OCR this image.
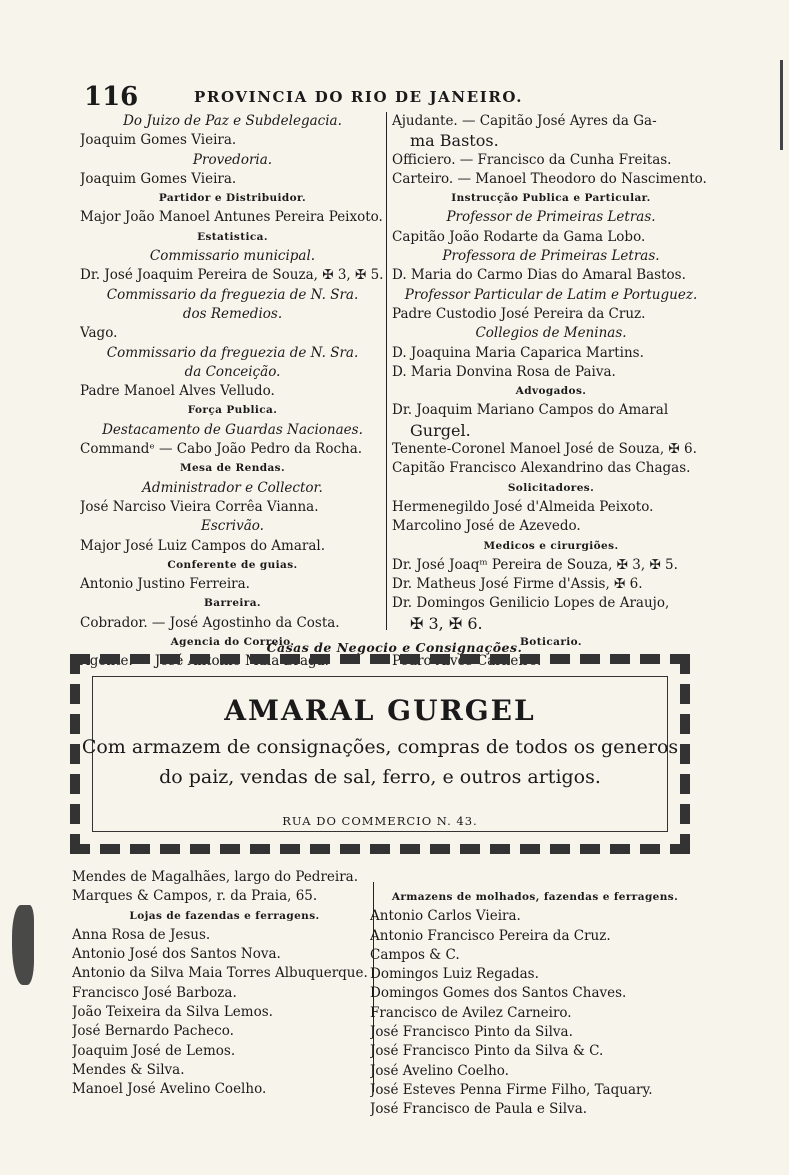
116	PROVINCIA DO RIO DE JANEIRO.
Do Juizo de Paz e Subdelegacia.
Joaquim Gomes Vieira.
Provedoria.
Joaquim Gomes Vieira.
Partidor e Distribuidor.
Major João Manoel Antunes Pereira Peixoto.
Estatistica.
Commissario municipal.
Dr. José Joaquim Pereira de Souza, ✠ 3, ✠ 5.
Commissario da freguezia de N. Sra.
dos Remedios.
Vago.
Commissario da freguezia de N. Sra.
da Conceição.
Padre Manoel Alves Velludo.
Força Publica.
Destacamento de Guardas Nacionaes.
Commandᵉ — Cabo João Pedro da Rocha.
Mesa de Rendas.
Administrador e Collector.
José Narciso Vieira Corrêa Vianna.
Escrivão.
Major José Luiz Campos do Amaral.
Conferente de guias.
Antonio Justino Ferreira.
Barreira.
Cobrador. — José Agostinho da Costa.
Agencia do Correio.
Agente. — José Antonio Maia Braga.
Ajudante. — Capitão José Ayres da Ga-
ma Bastos.
Officiero. — Francisco da Cunha Freitas.
Carteiro. — Manoel Theodoro do Nascimento.
Instrucção Publica e Particular.
Professor de Primeiras Letras.
Capitão João Rodarte da Gama Lobo.
Professora de Primeiras Letras.
D. Maria do Carmo Dias do Amaral Bastos.
Professor Particular de Latim e Portuguez.
Padre Custodio José Pereira da Cruz.
Collegios de Meninas.
D. Joaquina Maria Caparica Martins.
D. Maria Donvina Rosa de Paiva.
Advogados.
Dr. Joaquim Mariano Campos do Amaral
Gurgel.
Tenente-Coronel Manoel José de Souza, ✠ 6.
Capitão Francisco Alexandrino das Chagas.
Solicitadores.
Hermenegildo José d'Almeida Peixoto.
Marcolino José de Azevedo.
Medicos e cirurgiões.
Dr. José Joaqᵐ Pereira de Souza, ✠ 3, ✠ 5.
Dr. Matheus José Firme d'Assis, ✠ 6.
Dr. Domingos Genilicio Lopes de Araujo,
✠ 3, ✠ 6.
Boticario.
Pedro Alves Carneiro.
Casas de Negocio e Consignações.
AMARAL GURGEL
Com armazem de consignações, compras de todos os generos
do paiz, vendas de sal, ferro, e outros artigos.
RUA DO COMMERCIO N. 43.
Mendes de Magalhães, largo do Pedreira.
Marques & Campos, r. da Praia, 65.
Lojas de fazendas e ferragens.
Anna Rosa de Jesus.
Antonio José dos Santos Nova.
Antonio da Silva Maia Torres Albuquerque.
Francisco José Barboza.
João Teixeira da Silva Lemos.
José Bernardo Pacheco.
Joaquim José de Lemos.
Mendes & Silva.
Manoel José Avelino Coelho.
Armazens de molhados, fazendas e ferragens.
Antonio Carlos Vieira.
Antonio Francisco Pereira da Cruz.
Campos & C.
Domingos Luiz Regadas.
Domingos Gomes dos Santos Chaves.
Francisco de Avilez Carneiro.
José Francisco Pinto da Silva.
José Francisco Pinto da Silva & C.
José Avelino Coelho.
José Esteves Penna Firme Filho, Taquary.
José Francisco de Paula e Silva.
